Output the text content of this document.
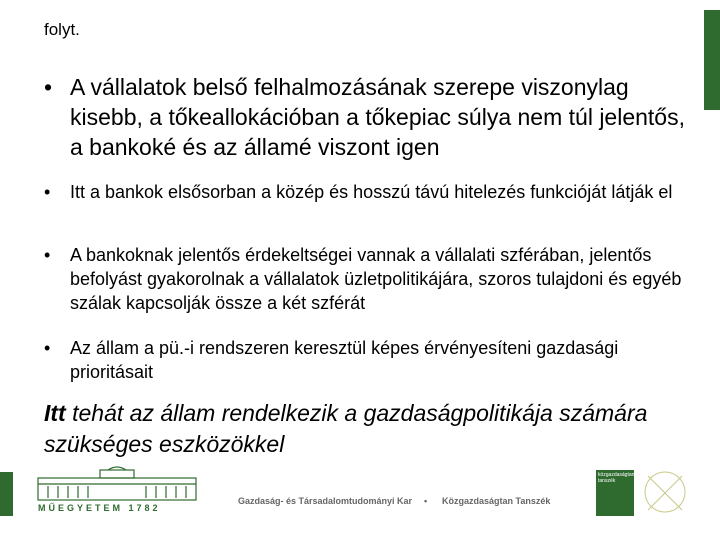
folyt.
• A vállalatok belső felhalmozásának szerepe viszonylag kisebb, a tőkeallokációban a tőkepiac súlya nem túl jelentős, a bankoké és az államé viszont igen
• Itt a bankok elsősorban a közép és hosszú távú hitelezés funkcióját látják el
• A bankoknak jelentős érdekeltségei vannak a vállalati szférában, jelentős befolyást gyakorolnak a vállalatok üzletpolitikájára, szoros tulajdoni és egyéb szálak kapcsolják össze a két szférát
• Az állam a pü.-i rendszeren keresztül képes érvényesíteni gazdasági prioritásait
Itt tehát az állam rendelkezik a gazdaságpolitikája számára szükséges eszközökkel
MŰEGYETEM 1782
Gazdaság- és Társadalomtudományi Kar • Közgazdaságtan Tanszék
közgazdaságtan tanszék
